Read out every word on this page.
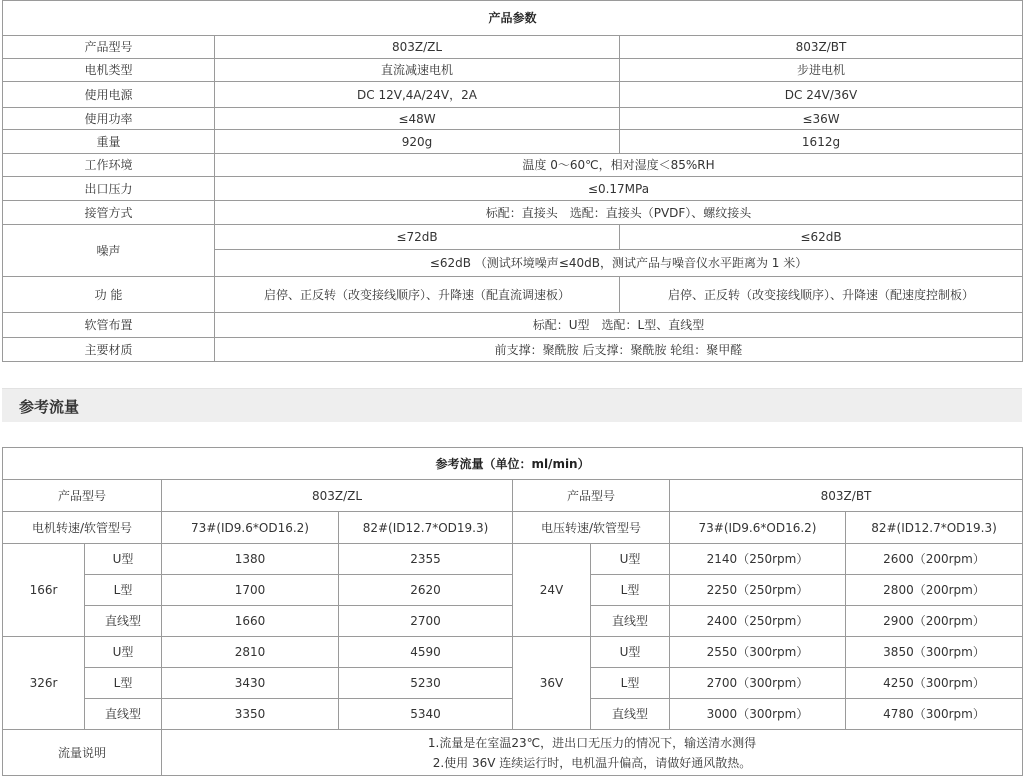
产品参数		
产品型号	803Z/ZL	803Z/BT
电机类型	直流减速电机	步进电机
使用电源	DC 12V,4A/24V，2A	DC 24V/36V
使用功率	≤48W	≤36W
重量	920g	1612g
工作环境	温度 0～60℃，相对湿度＜85%RH	
出口压力	≤0.17MPa	
接管方式	标配：直接头　选配：直接头（PVDF）、螺纹接头	
噪声	≤72dB	≤62dB
	≤62dB （测试环境噪声≤40dB，测试产品与噪音仪水平距离为 1 米）	
功 能	启停、正反转（改变接线顺序）、升降速（配直流调速板）	启停、正反转（改变接线顺序）、升降速（配速度控制板）
软管布置	标配：U型　选配：L型、直线型	
主要材质	前支撑：聚酰胺 后支撑：聚酰胺 轮组：聚甲醛	
参考流量
参考流量（单位：ml/min）							
产品型号		803Z/ZL		产品型号		803Z/BT	
电机转速/软管型号		73#(ID9.6*OD16.2)	82#(ID12.7*OD19.3)	电压转速/软管型号		73#(ID9.6*OD16.2)	82#(ID12.7*OD19.3)
166r	U型	1380	2355	24V	U型	2140（250rpm）	2600（200rpm）
	L型	1700	2620		L型	2250（250rpm）	2800（200rpm）
	直线型	1660	2700		直线型	2400（250rpm）	2900（200rpm）
326r	U型	2810	4590	36V	U型	2550（300rpm）	3850（300rpm）
	L型	3430	5230		L型	2700（300rpm）	4250（300rpm）
	直线型	3350	5340		直线型	3000（300rpm）	4780（300rpm）
流量说明		1.流量是在室温23℃，进出口无压力的情况下，输送清水测得
2.使用 36V 连续运行时，电机温升偏高，请做好通风散热。					
